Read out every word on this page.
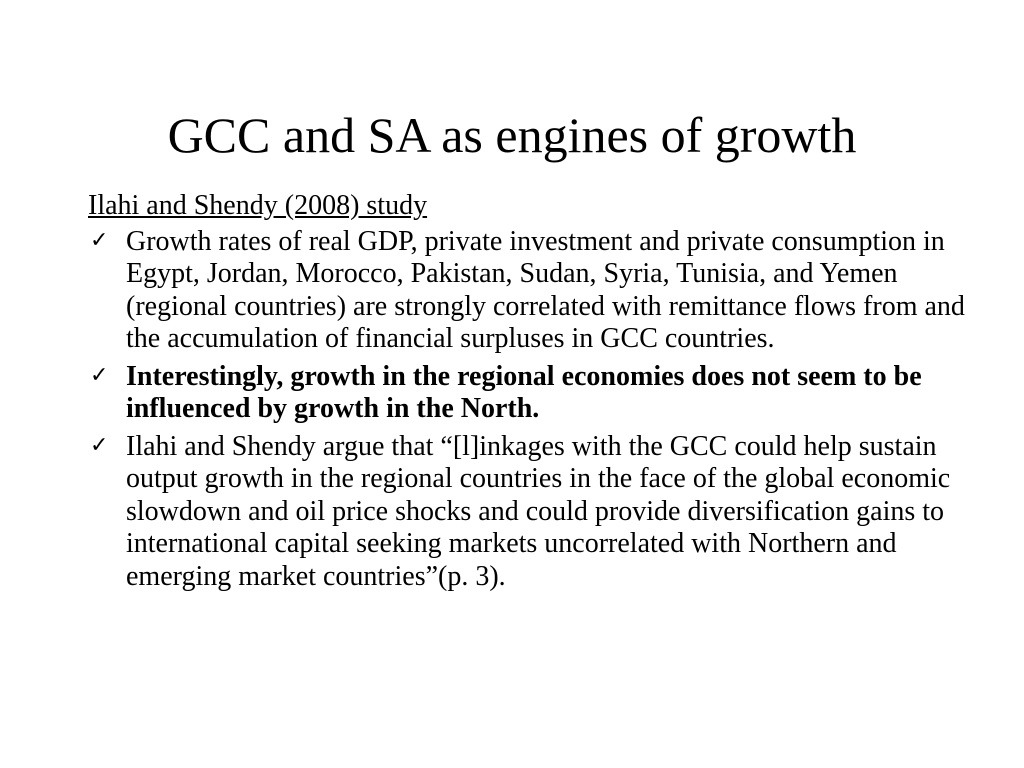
GCC and SA as engines of growth
Ilahi and Shendy (2008) study
✓ Growth rates of real GDP, private investment and private consumption in Egypt, Jordan, Morocco, Pakistan, Sudan, Syria, Tunisia, and Yemen (regional countries) are strongly correlated with remittance flows from and the accumulation of financial surpluses in GCC countries.
✓ Interestingly, growth in the regional economies does not seem to be influenced by growth in the North.
✓ Ilahi and Shendy argue that “[l]inkages with the GCC could help sustain output growth in the regional countries in the face of the global economic slowdown and oil price shocks and could provide diversification gains to international capital seeking markets uncorrelated with Northern and emerging market countries”(p. 3).
